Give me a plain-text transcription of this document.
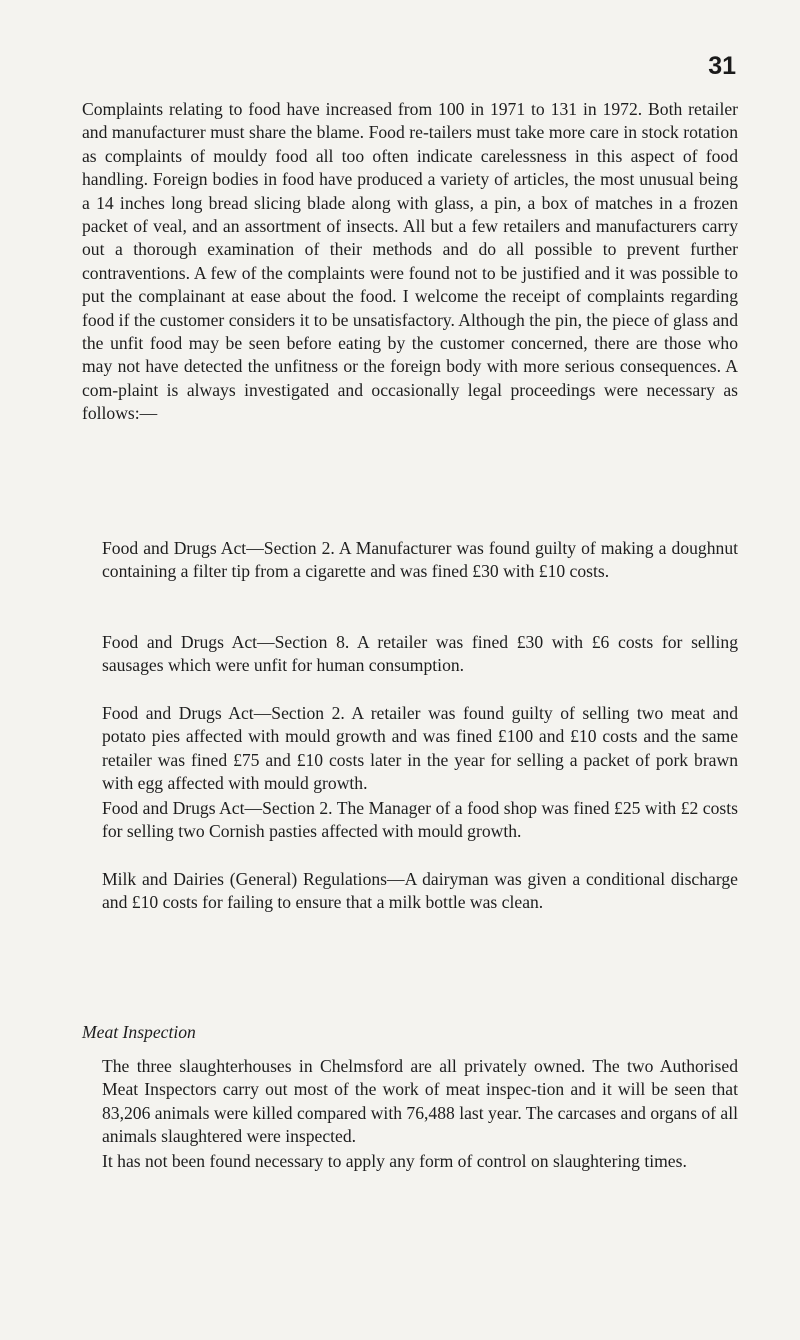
31

Complaints relating to food have increased from 100 in 1971 to 131 in 1972. Both retailer and manufacturer must share the blame. Food re-tailers must take more care in stock rotation as complaints of mouldy food all too often indicate carelessness in this aspect of food handling. Foreign bodies in food have produced a variety of articles, the most unusual being a 14 inches long bread slicing blade along with glass, a pin, a box of matches in a frozen packet of veal, and an assortment of insects. All but a few retailers and manufacturers carry out a thorough examination of their methods and do all possible to prevent further contraventions. A few of the complaints were found not to be justified and it was possible to put the complainant at ease about the food. I welcome the receipt of complaints regarding food if the customer considers it to be unsatisfactory. Although the pin, the piece of glass and the unfit food may be seen before eating by the customer concerned, there are those who may not have detected the unfitness or the foreign body with more serious consequences. A com-plaint is always investigated and occasionally legal proceedings were necessary as follows:—

Food and Drugs Act—Section 2. A Manufacturer was found guilty of making a doughnut containing a filter tip from a cigarette and was fined £30 with £10 costs.

Food and Drugs Act—Section 8. A retailer was fined £30 with £6 costs for selling sausages which were unfit for human consumption.

Food and Drugs Act—Section 2. A retailer was found guilty of selling two meat and potato pies affected with mould growth and was fined £100 and £10 costs and the same retailer was fined £75 and £10 costs later in the year for selling a packet of pork brawn with egg affected with mould growth.

Food and Drugs Act—Section 2. The Manager of a food shop was fined £25 with £2 costs for selling two Cornish pasties affected with mould growth.

Milk and Dairies (General) Regulations—A dairyman was given a conditional discharge and £10 costs for failing to ensure that a milk bottle was clean.

Meat Inspection

The three slaughterhouses in Chelmsford are all privately owned. The two Authorised Meat Inspectors carry out most of the work of meat inspec-tion and it will be seen that 83,206 animals were killed compared with 76,488 last year. The carcases and organs of all animals slaughtered were inspected.

It has not been found necessary to apply any form of control on slaughtering times.
